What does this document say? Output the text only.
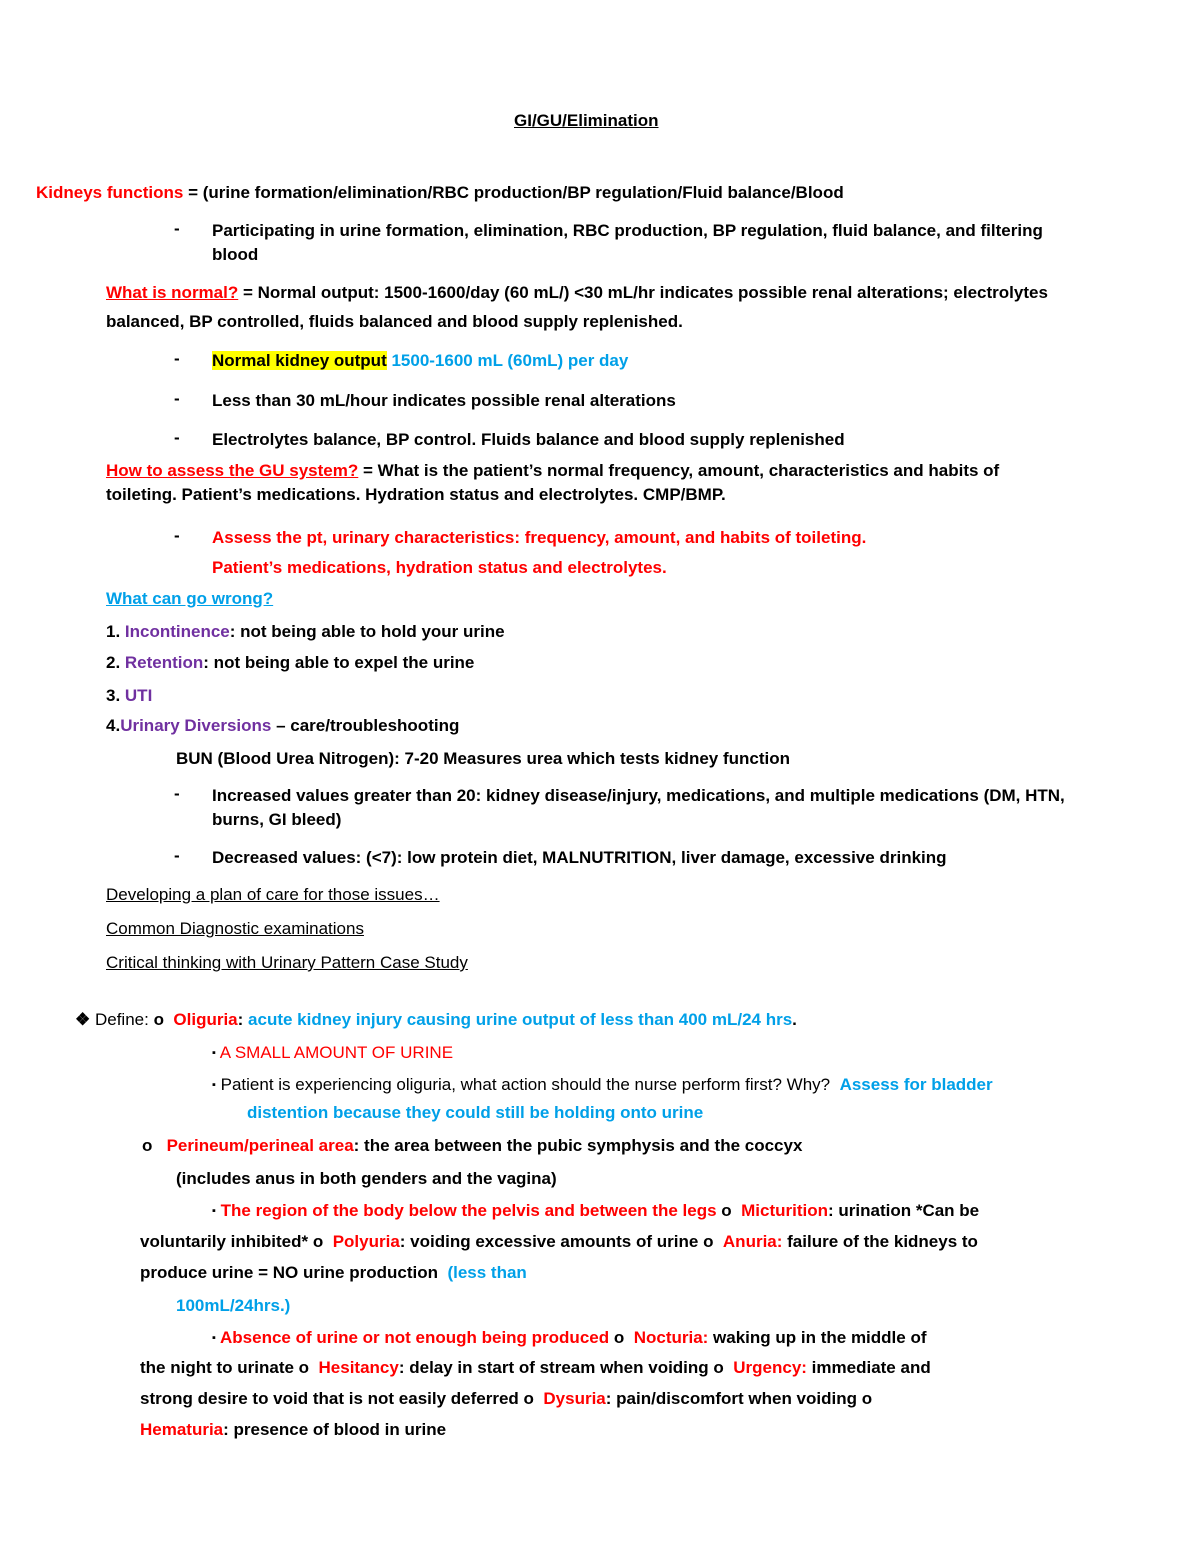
GI/GU/Elimination
Kidneys functions = (urine formation/elimination/RBC production/BP regulation/Fluid balance/Blood
-	Participating in urine formation, elimination, RBC production, BP regulation, fluid balance, and filtering
blood
What is normal? = Normal output: 1500-1600/day (60 mL/) <30 mL/hr indicates possible renal alterations; electrolytes
balanced, BP controlled, fluids balanced and blood supply replenished.
-	Normal kidney output 1500-1600 mL (60mL) per day
-	Less than 30 mL/hour indicates possible renal alterations
-	Electrolytes balance, BP control. Fluids balance and blood supply replenished
How to assess the GU system? = What is the patient’s normal frequency, amount, characteristics and habits of
toileting. Patient’s medications. Hydration status and electrolytes. CMP/BMP.
-	Assess the pt, urinary characteristics: frequency, amount, and habits of toileting.
Patient’s medications, hydration status and electrolytes.
What can go wrong?
1. Incontinence: not being able to hold your urine
2. Retention: not being able to expel the urine
3. UTI
4.Urinary Diversions – care/troubleshooting
BUN (Blood Urea Nitrogen): 7-20 Measures urea which tests kidney function
-	Increased values greater than 20: kidney disease/injury, medications, and multiple medications (DM, HTN,
burns, GI bleed)
-	Decreased values: (<7): low protein diet, MALNUTRITION, liver damage, excessive drinking
Developing a plan of care for those issues…
Common Diagnostic examinations
Critical thinking with Urinary Pattern Case Study
❖ Define: o Oliguria: acute kidney injury causing urine output of less than 400 mL/24 hrs.
▪ A SMALL AMOUNT OF URINE
▪ Patient is experiencing oliguria, what action should the nurse perform first? Why? Assess for bladder
distention because they could still be holding onto urine
o Perineum/perineal area: the area between the pubic symphysis and the coccyx
(includes anus in both genders and the vagina)
▪ The region of the body below the pelvis and between the legs o Micturition: urination *Can be
voluntarily inhibited* o Polyuria: voiding excessive amounts of urine o Anuria: failure of the kidneys to
produce urine = NO urine production (less than
100mL/24hrs.)
▪ Absence of urine or not enough being produced o Nocturia: waking up in the middle of
the night to urinate o Hesitancy: delay in start of stream when voiding o Urgency: immediate and
strong desire to void that is not easily deferred o Dysuria: pain/discomfort when voiding o
Hematuria: presence of blood in urine
